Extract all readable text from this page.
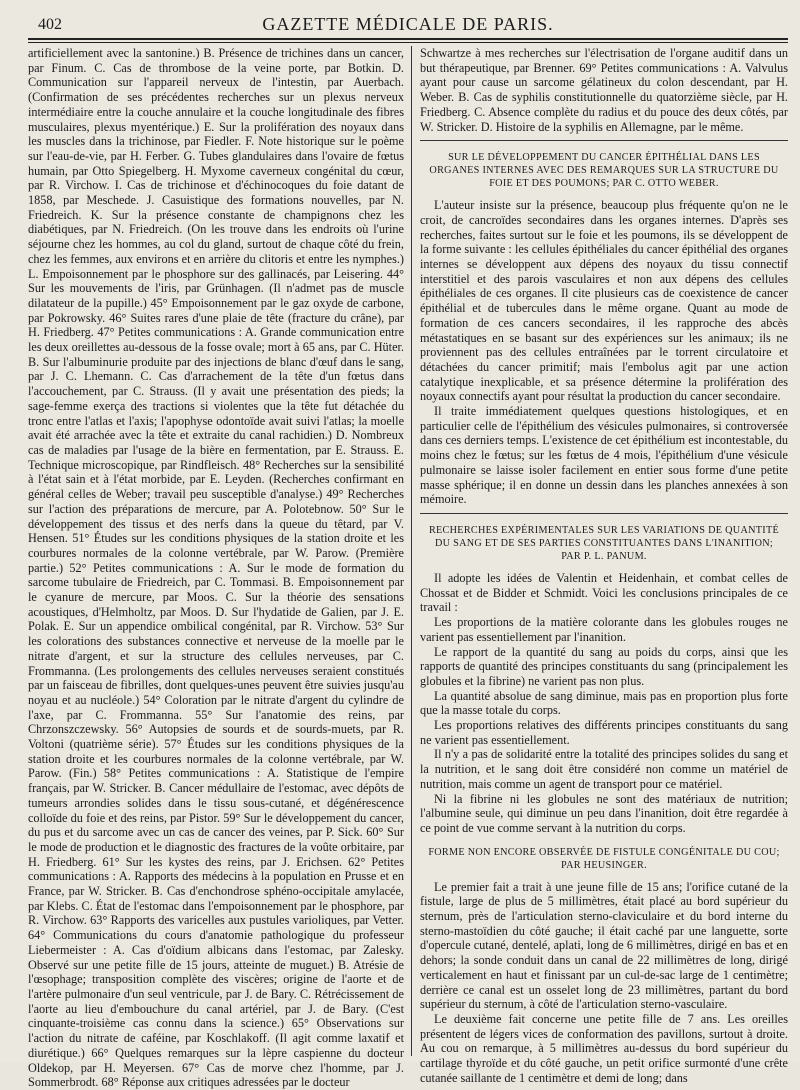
402	GAZETTE MÉDICALE DE PARIS.

artificiellement avec la santonine.) B. Présence de trichines dans un cancer, par Finum. C. Cas de thrombose de la veine porte, par Botkin. D. Communication sur l'appareil nerveux de l'intestin, par Auerbach. (Confirmation de ses précédentes recherches sur un plexus nerveux intermédiaire entre la couche annulaire et la couche longitudinale des fibres musculaires, plexus myentérique.) E. Sur la prolifération des noyaux dans les muscles dans la trichinose, par Fiedler. F. Note historique sur le poème sur l'eau-de-vie, par H. Ferber. G. Tubes glandulaires dans l'ovaire de fœtus humain, par Otto Spiegelberg. H. Myxome caverneux congénital du cœur, par R. Virchow. I. Cas de trichinose et d'échinocoques du foie datant de 1858, par Meschede. J. Casuistique des formations nouvelles, par N. Friedreich. K. Sur la présence constante de champignons chez les diabétiques, par N. Friedreich. (On les trouve dans les endroits où l'urine séjourne chez les hommes, au col du gland, surtout de chaque côté du frein, chez les femmes, aux environs et en arrière du clitoris et entre les nymphes.) L. Empoisonnement par le phosphore sur des gallinacés, par Leisering. 44° Sur les mouvements de l'iris, par Grünhagen. (Il n'admet pas de muscle dilatateur de la pupille.) 45° Empoisonnement par le gaz oxyde de carbone, par Pokrowsky. 46° Suites rares d'une plaie de tête (fracture du crâne), par H. Friedberg. 47° Petites communications : A. Grande communication entre les deux oreillettes au-dessous de la fosse ovale; mort à 65 ans, par C. Hüter. B. Sur l'albuminurie produite par des injections de blanc d'œuf dans le sang, par J. C. Lhemann. C. Cas d'arrachement de la tête d'un fœtus dans l'accouchement, par C. Strauss. (Il y avait une présentation des pieds; la sage-femme exerça des tractions si violentes que la tête fut détachée du tronc entre l'atlas et l'axis; l'apophyse odontoïde avait suivi l'atlas; la moelle avait été arrachée avec la tête et extraite du canal rachidien.) D. Nombreux cas de maladies par l'usage de la bière en fermentation, par E. Strauss. E. Technique microscopique, par Rindfleisch. 48° Recherches sur la sensibilité à l'état sain et à l'état morbide, par E. Leyden. (Recherches confirmant en général celles de Weber; travail peu susceptible d'analyse.) 49° Recherches sur l'action des préparations de mercure, par A. Polotebnow. 50° Sur le développement des tissus et des nerfs dans la queue du têtard, par V. Hensen. 51° Études sur les conditions physiques de la station droite et les courbures normales de la colonne vertébrale, par W. Parow. (Première partie.) 52° Petites communications : A. Sur le mode de formation du sarcome tubulaire de Friedreich, par C. Tommasi. B. Empoisonnement par le cyanure de mercure, par Moos. C. Sur la théorie des sensations acoustiques, d'Helmholtz, par Moos. D. Sur l'hydatide de Galien, par J. E. Polak. E. Sur un appendice ombilical congénital, par R. Virchow. 53° Sur les colorations des substances connective et nerveuse de la moelle par le nitrate d'argent, et sur la structure des cellules nerveuses, par C. Frommanna. (Les prolongements des cellules nerveuses seraient constitués par un faisceau de fibrilles, dont quelques-unes peuvent être suivies jusqu'au noyau et au nucléole.) 54° Coloration par le nitrate d'argent du cylindre de l'axe, par C. Frommanna. 55° Sur l'anatomie des reins, par Chrzonszczewsky. 56° Autopsies de sourds et de sourds-muets, par R. Voltoni (quatrième série). 57° Études sur les conditions physiques de la station droite et les courbures normales de la colonne vertébrale, par W. Parow. (Fin.) 58° Petites communications : A. Statistique de l'empire français, par W. Stricker. B. Cancer médullaire de l'estomac, avec dépôts de tumeurs arrondies solides dans le tissu sous-cutané, et dégénérescence colloïde du foie et des reins, par Pistor. 59° Sur le développement du cancer, du pus et du sarcome avec un cas de cancer des veines, par P. Sick. 60° Sur le mode de production et le diagnostic des fractures de la voûte orbitaire, par H. Friedberg. 61° Sur les kystes des reins, par J. Erichsen. 62° Petites communications : A. Rapports des médecins à la population en Prusse et en France, par W. Stricker. B. Cas d'enchondrose sphéno-occipitale amylacée, par Klebs. C. État de l'estomac dans l'empoisonnement par le phosphore, par R. Virchow. 63° Rapports des varicelles aux pustules varioliques, par Vetter. 64° Communications du cours d'anatomie pathologique du professeur Liebermeister : A. Cas d'oïdium albicans dans l'estomac, par Zalesky. Observé sur une petite fille de 15 jours, atteinte de muguet.) B. Atrésie de l'œsophage; transposition complète des viscères; origine de l'aorte et de l'artère pulmonaire d'un seul ventricule, par J. de Bary. C. Rétrécissement de l'aorte au lieu d'embouchure du canal artériel, par J. de Bary. (C'est cinquante-troisième cas connu dans la science.) 65° Observations sur l'action du nitrate de caféine, par Koschlakoff. (Il agit comme laxatif et diurétique.) 66° Quelques remarques sur la lèpre caspienne du docteur Oldekop, par H. Meyersen. 67° Cas de morve chez l'homme, par J. Sommerbrodt. 68° Réponse aux critiques adressées par le docteur

Schwartze à mes recherches sur l'électrisation de l'organe auditif dans un but thérapeutique, par Brenner. 69° Petites communications : A. Valvulus ayant pour cause un sarcome gélatineux du colon descendant, par H. Weber. B. Cas de syphilis constitutionnelle du quatorzième siècle, par H. Friedberg. C. Absence complète du radius et du pouce des deux côtés, par W. Stricker. D. Histoire de la syphilis en Allemagne, par le même.

SUR LE DÉVELOPPEMENT DU CANCER ÉPITHÉLIAL DANS LES ORGANES INTERNES AVEC DES REMARQUES SUR LA STRUCTURE DU FOIE ET DES POUMONS; PAR C. OTTO WEBER.

L'auteur insiste sur la présence, beaucoup plus fréquente qu'on ne le croit, de cancroïdes secondaires dans les organes internes. D'après ses recherches, faites surtout sur le foie et les poumons, ils se développent de la forme suivante : les cellules épithéliales du cancer épithélial des organes internes se développent aux dépens des noyaux du tissu connectif interstitiel et des parois vasculaires et non aux dépens des cellules épithéliales de ces organes. Il cite plusieurs cas de coexistence de cancer épithélial et de tubercules dans le même organe. Quant au mode de formation de ces cancers secondaires, il les rapproche des abcès métastatiques en se basant sur des expériences sur les animaux; ils ne proviennent pas des cellules entraînées par le torrent circulatoire et détachées du cancer primitif; mais l'embolus agit par une action catalytique inexplicable, et sa présence détermine la prolifération des noyaux connectifs ayant pour résultat la production du cancer secondaire.

Il traite immédiatement quelques questions histologiques, et en particulier celle de l'épithélium des vésicules pulmonaires, si controversée dans ces derniers temps. L'existence de cet épithélium est incontestable, du moins chez le fœtus; sur les fœtus de 4 mois, l'épithélium d'une vésicule pulmonaire se laisse isoler facilement en entier sous forme d'une petite masse sphérique; il en donne un dessin dans les planches annexées à son mémoire.

RECHERCHES EXPÉRIMENTALES SUR LES VARIATIONS DE QUANTITÉ DU SANG ET DE SES PARTIES CONSTITUANTES DANS L'INANITION; PAR P. L. PANUM.

Il adopte les idées de Valentin et Heidenhain, et combat celles de Chossat et de Bidder et Schmidt. Voici les conclusions principales de ce travail :

Les proportions de la matière colorante dans les globules rouges ne varient pas essentiellement par l'inanition.

Le rapport de la quantité du sang au poids du corps, ainsi que les rapports de quantité des principes constituants du sang (principalement les globules et la fibrine) ne varient pas non plus.

La quantité absolue de sang diminue, mais pas en proportion plus forte que la masse totale du corps.

Les proportions relatives des différents principes constituants du sang ne varient pas essentiellement.

Il n'y a pas de solidarité entre la totalité des principes solides du sang et la nutrition, et le sang doit être considéré non comme un matériel de nutrition, mais comme un agent de transport pour ce matériel.

Ni la fibrine ni les globules ne sont des matériaux de nutrition; l'albumine seule, qui diminue un peu dans l'inanition, doit être regardée à ce point de vue comme servant à la nutrition du corps.

FORME NON ENCORE OBSERVÉE DE FISTULE CONGÉNITALE DU COU; PAR HEUSINGER.

Le premier fait a trait à une jeune fille de 15 ans; l'orifice cutané de la fistule, large de plus de 5 millimètres, était placé au bord supérieur du sternum, près de l'articulation sterno-claviculaire et du bord interne du sterno-mastoïdien du côté gauche; il était caché par une languette, sorte d'opercule cutané, dentelé, aplati, long de 6 millimètres, dirigé en bas et en dehors; la sonde conduit dans un canal de 22 millimètres de long, dirigé verticalement en haut et finissant par un cul-de-sac large de 1 centimètre; derrière ce canal est un osselet long de 23 millimètres, partant du bord supérieur du sternum, à côté de l'articulation sterno-vasculaire.

Le deuxième fait concerne une petite fille de 7 ans. Les oreilles présentent de légers vices de conformation des pavillons, surtout à droite. Au cou on remarque, à 5 millimètres au-dessus du bord supérieur du cartilage thyroïde et du côté gauche, un petit orifice surmonté d'une crête cutanée saillante de 1 centimètre et demi de long; dans
